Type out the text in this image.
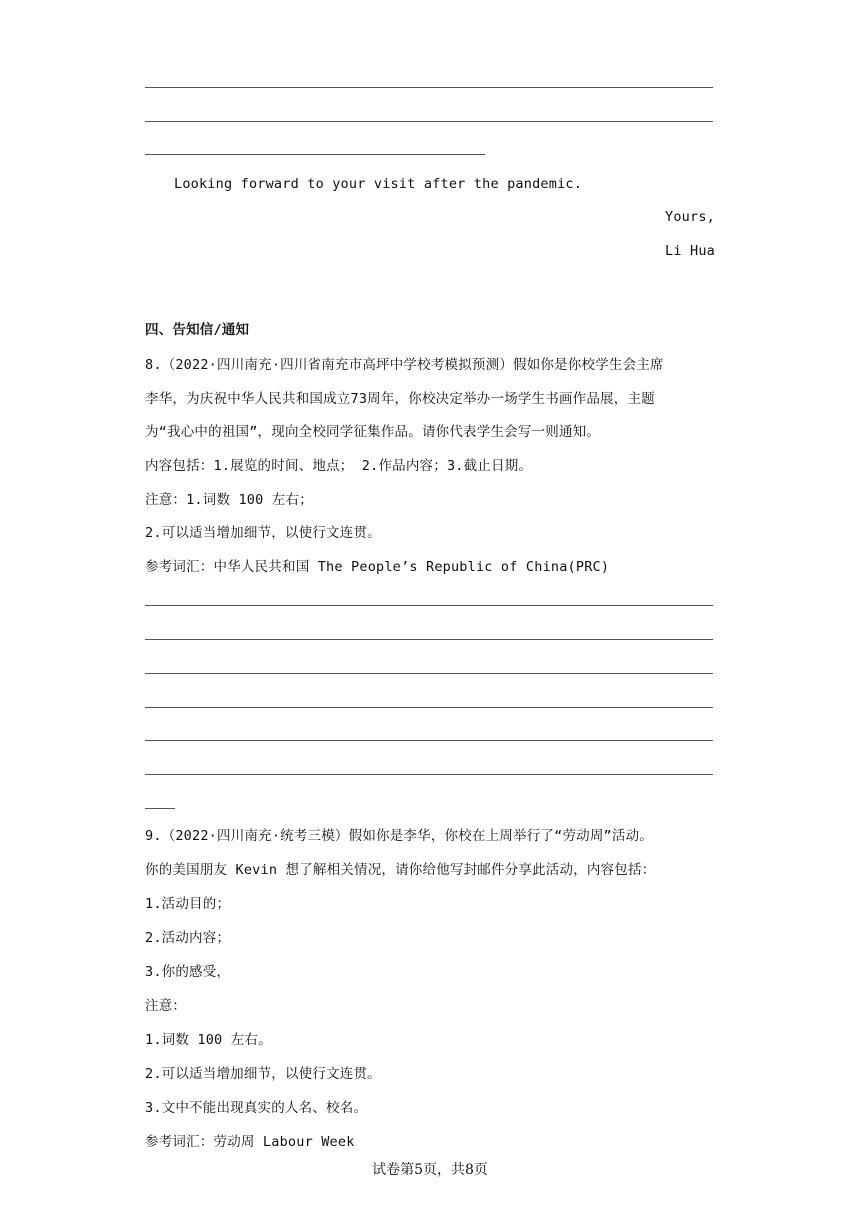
Looking forward to your visit after the pandemic.
Yours,
Li Hua
四、告知信/通知
8.（2022·四川南充·四川省南充市高坪中学校考模拟预测）假如你是你校学生会主席
李华，为庆祝中华人民共和国成立73周年，你校决定举办一场学生书画作品展，主题
为“我心中的祖国”，现向全校同学征集作品。请你代表学生会写一则通知。
内容包括：1.展览的时间、地点； 2.作品内容；3.截止日期。
注意：1.词数 100 左右；
2.可以适当增加细节，以使行文连贯。
参考词汇：中华人民共和国 The People’s Republic of China(PRC)
9.（2022·四川南充·统考三模）假如你是李华，你校在上周举行了“劳动周”活动。
你的美国朋友 Kevin 想了解相关情况，请你给他写封邮件分享此活动，内容包括：
1.活动目的；
2.活动内容；
3.你的感受，
注意：
1.词数 100 左右。
2.可以适当增加细节，以使行文连贯。
3.文中不能出现真实的人名、校名。
参考词汇：劳动周 Labour Week
试卷第5页，共8页
